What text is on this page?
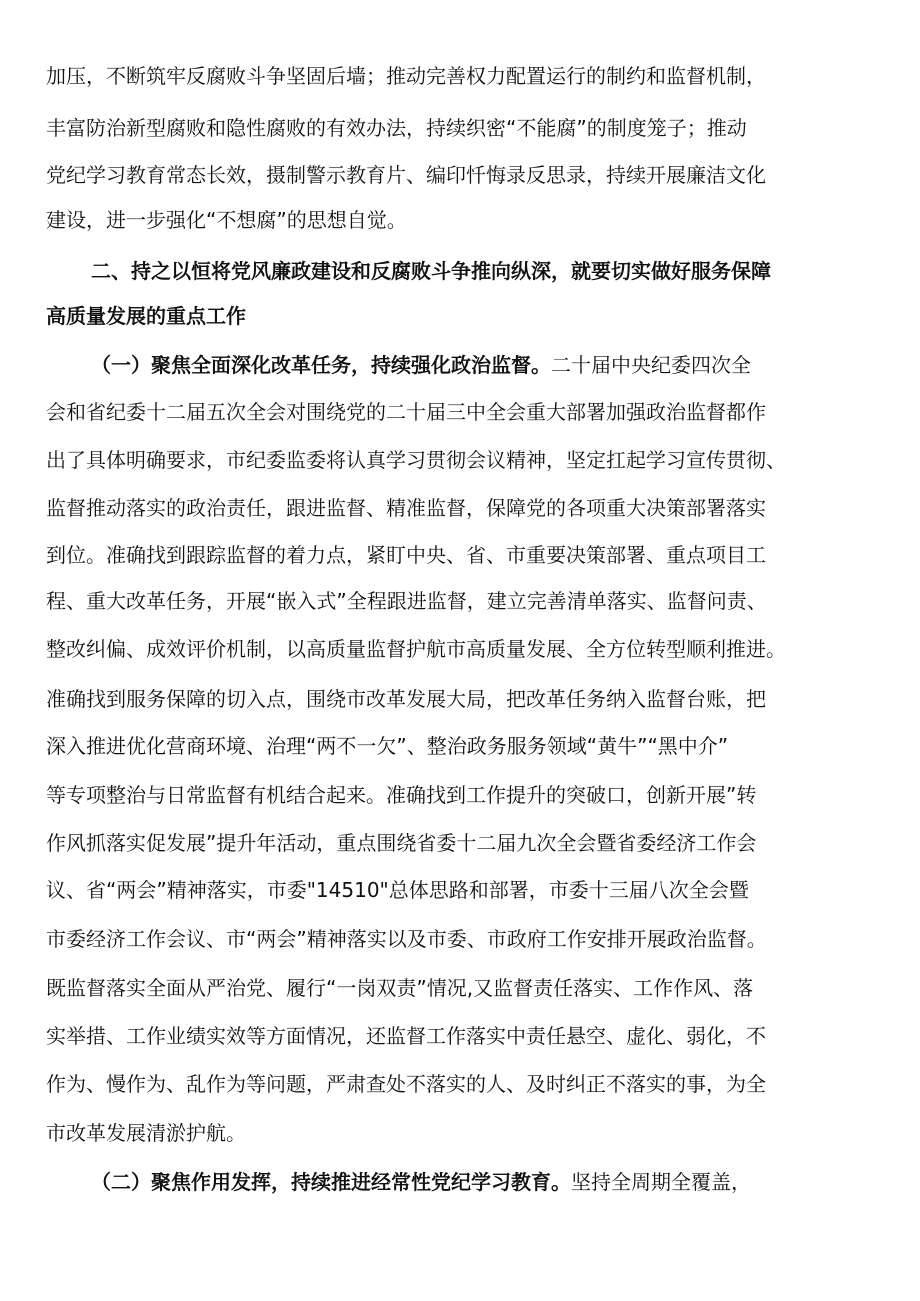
加压，不断筑牢反腐败斗争坚固后墙；推动完善权力配置运行的制约和监督机制，
丰富防治新型腐败和隐性腐败的有效办法，持续织密“不能腐”的制度笼子；推动
党纪学习教育常态长效，摄制警示教育片、编印忏悔录反思录，持续开展廉洁文化
建设，进一步强化“不想腐”的思想自觉。
二、持之以恒将党风廉政建设和反腐败斗争推向纵深，就要切实做好服务保障
高质量发展的重点工作
（一）聚焦全面深化改革任务，持续强化政治监督。二十届中央纪委四次全
会和省纪委十二届五次全会对围绕党的二十届三中全会重大部署加强政治监督都作
出了具体明确要求，市纪委监委将认真学习贯彻会议精神，坚定扛起学习宣传贯彻、
监督推动落实的政治责任，跟进监督、精准监督，保障党的各项重大决策部署落实
到位。准确找到跟踪监督的着力点，紧盯中央、省、市重要决策部署、重点项目工
程、重大改革任务，开展“嵌入式”全程跟进监督，建立完善清单落实、监督问责、
整改纠偏、成效评价机制，以高质量监督护航市高质量发展、全方位转型顺利推进。
准确找到服务保障的切入点，围绕市改革发展大局，把改革任务纳入监督台账，把
深入推进优化营商环境、治理“两不一欠”、整治政务服务领域“黄牛”“黑中介”
等专项整治与日常监督有机结合起来。准确找到工作提升的突破口，创新开展”转
作风抓落实促发展”提升年活动，重点围绕省委十二届九次全会暨省委经济工作会
议、省“两会”精神落实，市委"14510"总体思路和部署，市委十三届八次全会暨
市委经济工作会议、市“两会”精神落实以及市委、市政府工作安排开展政治监督。
既监督落实全面从严治党、履行“一岗双责”情况,又监督责任落实、工作作风、落
实举措、工作业绩实效等方面情况，还监督工作落实中责任悬空、虚化、弱化，不
作为、慢作为、乱作为等问题，严肃查处不落实的人、及时纠正不落实的事，为全
市改革发展清淤护航。
（二）聚焦作用发挥，持续推进经常性党纪学习教育。坚持全周期全覆盖，
